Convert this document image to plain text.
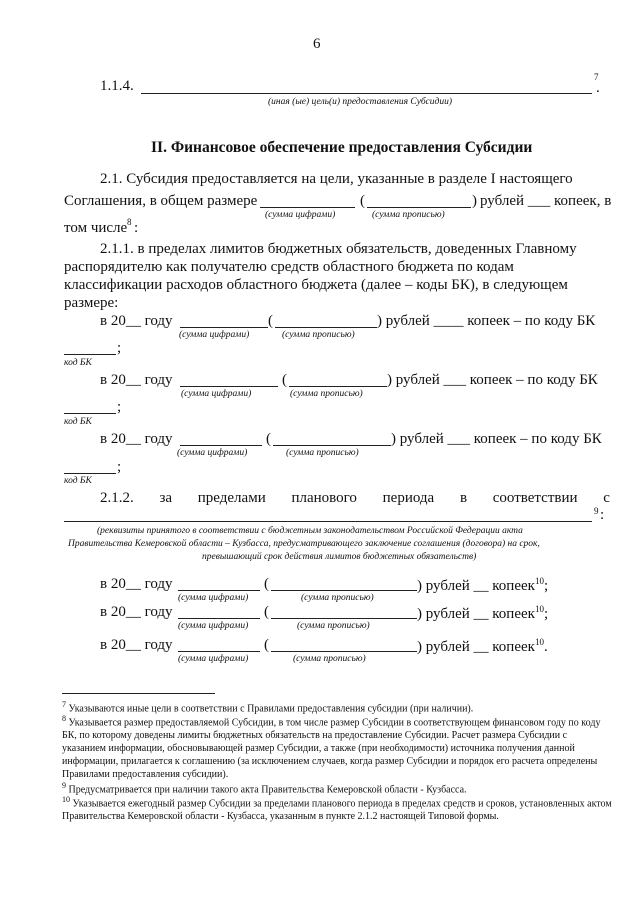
6
1.1.4.
7
.
(иная (ые) цель(и) предоставления Субсидии)
II. Финансовое обеспечение предоставления Субсидии
2.1. Субсидия предоставляется на цели, указанные в разделе I настоящего
Соглашения, в общем размере	(	) рублей ___ копеек, в
(сумма цифрами)	(сумма прописью)
том числе 8 :
2.1.1. в пределах лимитов бюджетных обязательств, доведенных Главному
распорядителю как получателю средств областного бюджета по кодам
классификации расходов областного бюджета (далее – коды БК), в следующем
размере:
в 20__ году	(	) рублей ____ копеек – по коду БК
(сумма цифрами)	(сумма прописью)
;
код БК
в 20__ году	(	) рублей ___ копеек – по коду БК
(сумма цифрами)	(сумма прописью)
;
код БК
в 20__ году	(	) рублей ___ копеек – по коду БК
(сумма цифрами)	(сумма прописью)
;
код БК
2.1.2. за пределами планового периода в соответствии с
9 :
(реквизиты принятого в соответствии с бюджетным законодательством Российской Федерации акта
Правительства Кемеровской области – Кузбасса, предусматривающего заключение соглашения (договора) на срок,
превышающий срок действия лимитов бюджетных обязательств)
в 20__ году	(	) рублей __ копеек$^{10}$;
(сумма цифрами)	(сумма прописью)
в 20__ году	(	) рублей __ копеек$^{10}$;
(сумма цифрами)	(сумма прописью)
в 20__ году	(	) рублей __ копеек$^{10}$.
(сумма цифрами)	(сумма прописью)
$^7$ Указываются иные цели в соответствии с Правилами предоставления субсидии (при наличии).
$^8$ Указывается размер предоставляемой Субсидии, в том числе размер Субсидии в соответствующем финансовом году по коду БК, по которому доведены лимиты бюджетных обязательств на предоставление Субсидии. Расчет размера Субсидии с указанием информации, обосновывающей размер Субсидии, а также (при необходимости) источника получения данной информации, прилагается к соглашению (за исключением случаев, когда размер Субсидии и порядок его расчета определены Правилами предоставления субсидии).
$^9$ Предусматривается при наличии такого акта Правительства Кемеровской области - Кузбасса.
$^{10}$ Указывается ежегодный размер Субсидии за пределами планового периода в пределах средств и сроков, установленных актом Правительства Кемеровской области - Кузбасса, указанным в пункте 2.1.2 настоящей Типовой формы.
